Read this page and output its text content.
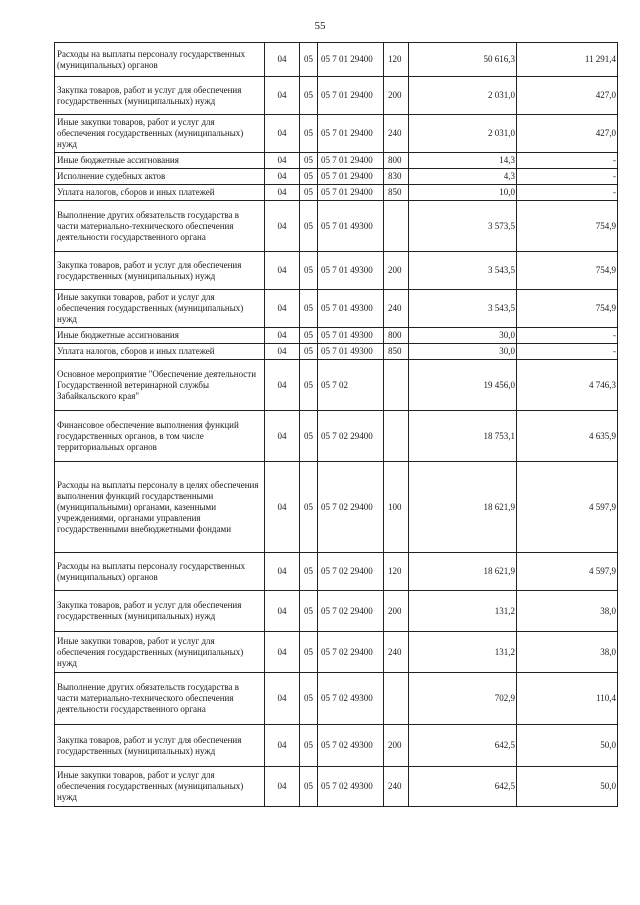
55
Расходы на выплаты персоналу государственных (муниципальных) органов	04	05	05 7 01 29400	120	50 616,3	11 291,4
Закупка товаров, работ и услуг для обеспечения государственных (муниципальных) нужд	04	05	05 7 01 29400	200	2 031,0	427,0
Иные закупки товаров, работ и услуг для обеспечения государственных (муниципальных) нужд	04	05	05 7 01 29400	240	2 031,0	427,0
Иные бюджетные ассигнования	04	05	05 7 01 29400	800	14,3	-
Исполнение судебных актов	04	05	05 7 01 29400	830	4,3	-
Уплата налогов, сборов и иных платежей	04	05	05 7 01 29400	850	10,0	-
Выполнение других обязательств государства в части материально-технического обеспечения деятельности государственного органа	04	05	05 7 01 49300		3 573,5	754,9
Закупка товаров, работ и услуг для обеспечения государственных (муниципальных) нужд	04	05	05 7 01 49300	200	3 543,5	754,9
Иные закупки товаров, работ и услуг для обеспечения государственных (муниципальных) нужд	04	05	05 7 01 49300	240	3 543,5	754,9
Иные бюджетные ассигнования	04	05	05 7 01 49300	800	30,0	-
Уплата налогов, сборов и иных платежей	04	05	05 7 01 49300	850	30,0	-
Основное мероприятие "Обеспечение деятельности Государственной ветеринарной службы Забайкальского края"	04	05	05 7 02		19 456,0	4 746,3
Финансовое обеспечение выполнения функций государственных органов, в том числе территориальных органов	04	05	05 7 02 29400		18 753,1	4 635,9
Расходы на выплаты персоналу в целях обеспечения выполнения функций государственными (муниципальными) органами, казенными учреждениями, органами управления государственными внебюджетными фондами	04	05	05 7 02 29400	100	18 621,9	4 597,9
Расходы на выплаты персоналу государственных (муниципальных) органов	04	05	05 7 02 29400	120	18 621,9	4 597,9
Закупка товаров, работ и услуг для обеспечения государственных (муниципальных) нужд	04	05	05 7 02 29400	200	131,2	38,0
Иные закупки товаров, работ и услуг для обеспечения государственных (муниципальных) нужд	04	05	05 7 02 29400	240	131,2	38,0
Выполнение других обязательств государства в части материально-технического обеспечения деятельности государственного органа	04	05	05 7 02 49300		702,9	110,4
Закупка товаров, работ и услуг для обеспечения государственных (муниципальных) нужд	04	05	05 7 02 49300	200	642,5	50,0
Иные закупки товаров, работ и услуг для обеспечения государственных (муниципальных) нужд	04	05	05 7 02 49300	240	642,5	50,0
